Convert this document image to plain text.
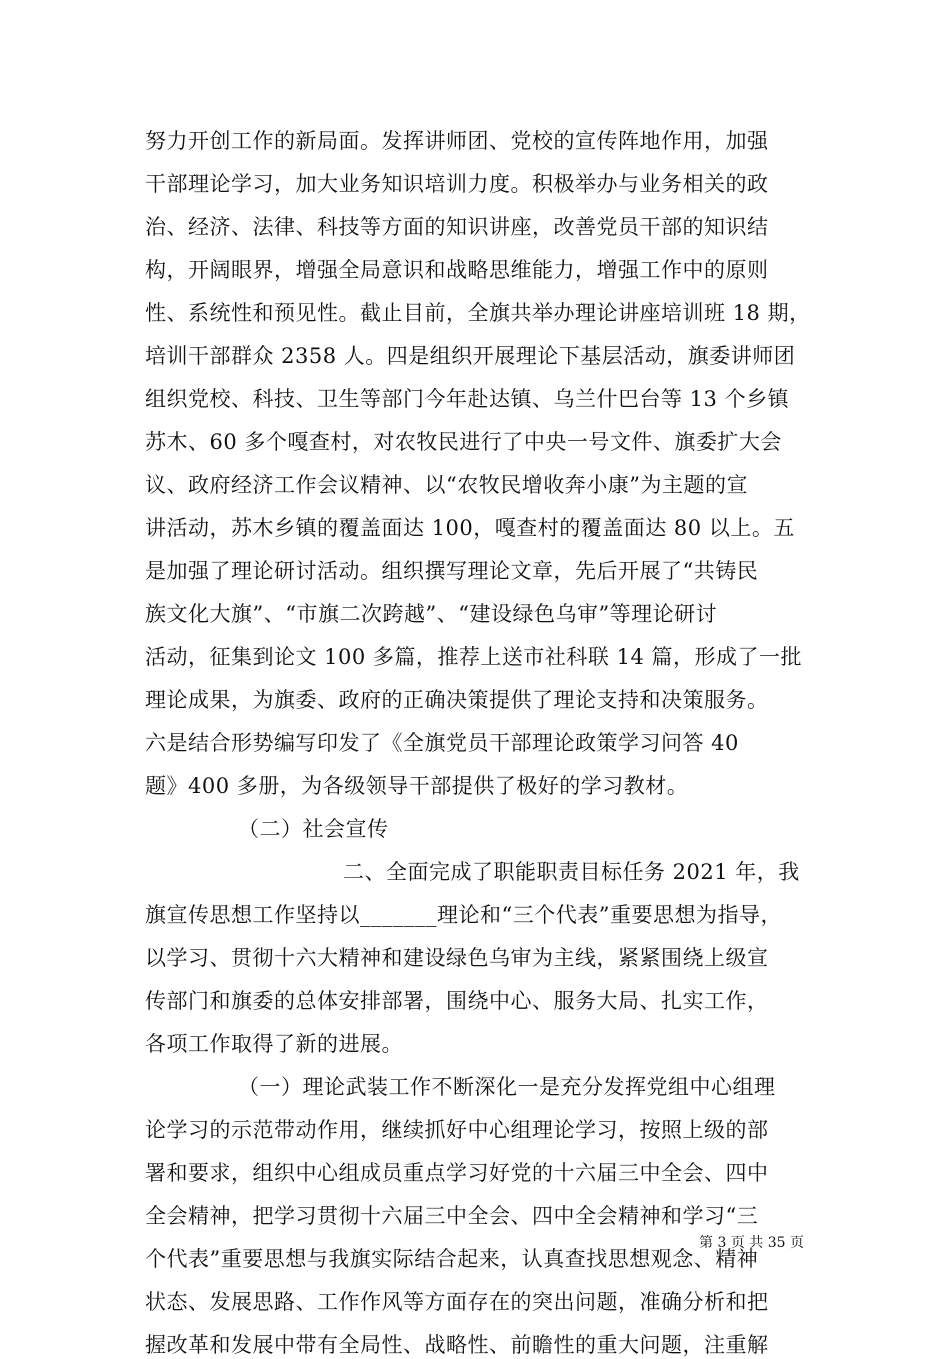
努力开创工作的新局面。发挥讲师团、党校的宣传阵地作用，加强
干部理论学习，加大业务知识培训力度。积极举办与业务相关的政
治、经济、法律、科技等方面的知识讲座，改善党员干部的知识结
构，开阔眼界，增强全局意识和战略思维能力，增强工作中的原则
性、系统性和预见性。截止目前，全旗共举办理论讲座培训班 18 期，
培训干部群众 2358 人。四是组织开展理论下基层活动，旗委讲师团
组织党校、科技、卫生等部门今年赴达镇、乌兰什巴台等 13 个乡镇
苏木、60 多个嘎查村，对农牧民进行了中央一号文件、旗委扩大会
议、政府经济工作会议精神、以“农牧民增收奔小康”为主题的宣
讲活动，苏木乡镇的覆盖面达 100，嘎查村的覆盖面达 80 以上。五
是加强了理论研讨活动。组织撰写理论文章，先后开展了“共铸民
族文化大旗”、“市旗二次跨越”、“建设绿色乌审”等理论研讨
活动，征集到论文 100 多篇，推荐上送市社科联 14 篇，形成了一批
理论成果，为旗委、政府的正确决策提供了理论支持和决策服务。
六是结合形势编写印发了《全旗党员干部理论政策学习问答 40
题》400 多册，为各级领导干部提供了极好的学习教材。
（二）社会宣传
二、全面完成了职能职责目标任务 2021 年，我
旗宣传思想工作坚持以_______理论和“三个代表”重要思想为指导，
以学习、贯彻十六大精神和建设绿色乌审为主线，紧紧围绕上级宣
传部门和旗委的总体安排部署，围绕中心、服务大局、扎实工作，
各项工作取得了新的进展。
（一）理论武装工作不断深化一是充分发挥党组中心组理
论学习的示范带动作用，继续抓好中心组理论学习，按照上级的部
署和要求，组织中心组成员重点学习好党的十六届三中全会、四中
全会精神，把学习贯彻十六届三中全会、四中全会精神和学习“三
个代表”重要思想与我旗实际结合起来，认真查找思想观念、精神
状态、发展思路、工作作风等方面存在的突出问题，准确分析和把
握改革和发展中带有全局性、战略性、前瞻性的重大问题，注重解
第 3 页 共 35 页
